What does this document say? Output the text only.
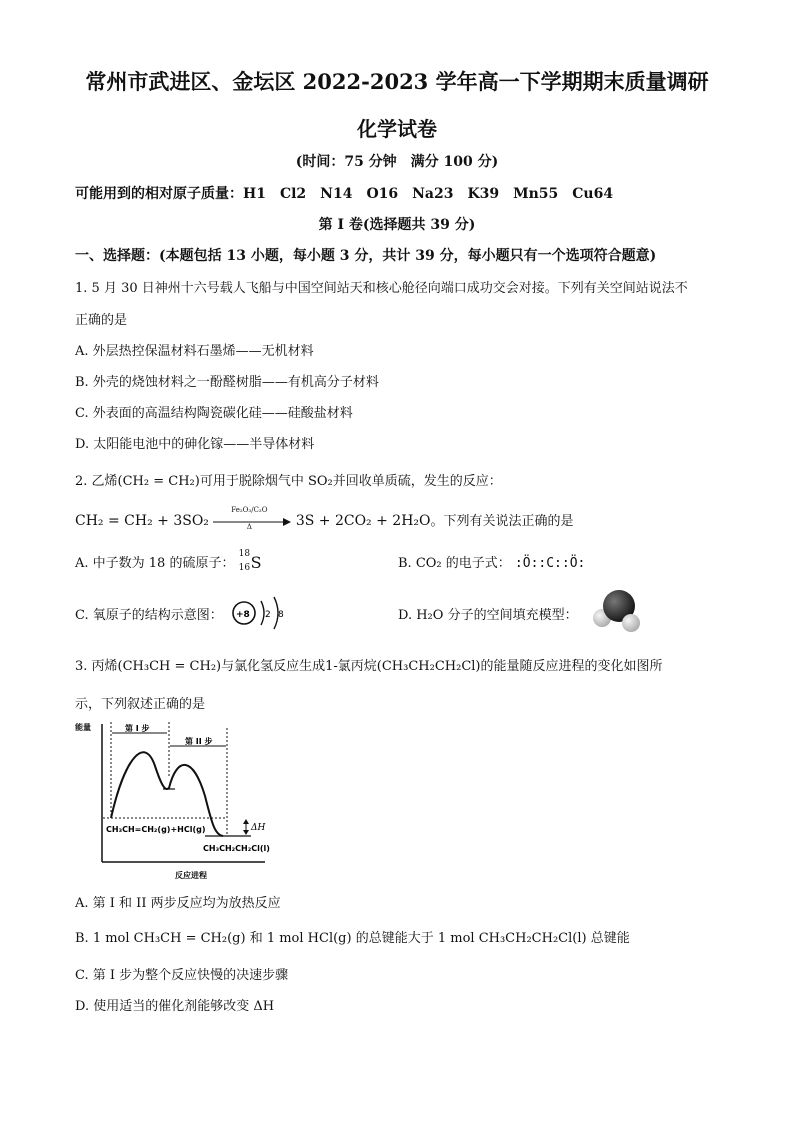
常州市武进区、金坛区 2022-2023 学年高一下学期期末质量调研
化学试卷
(时间：75 分钟　满分 100 分)
可能用到的相对原子质量：H1　Cl2　N14　O16　Na23　K39　Mn55　Cu64
第 I 卷(选择题共 39 分)
一、选择题：(本题包括 13 小题，每小题 3 分，共计 39 分，每小题只有一个选项符合题意)
1. 5 月 30 日神州十六号载人飞船与中国空间站天和核心舱径向端口成功交会对接。下列有关空间站说法不
正确的是
A. 外层热控保温材料石墨烯——无机材料
B. 外壳的烧蚀材料之一酚醛树脂——有机高分子材料
C. 外表面的高温结构陶瓷碳化硅——硅酸盐材料
D. 太阳能电池中的砷化镓——半导体材料
2. 乙烯(CH₂ = CH₂)可用于脱除烟气中 SO₂并回收单质硫，发生的反应：
CH₂ = CH₂ + 3SO₂
Fe₂O₃/C₂O
Δ	3S + 2CO₂ + 2H₂O。下列有关说法正确的是
A. 中子数为 18 的硫原子：
18
16 S	B. CO₂ 的电子式： :Ö::C::Ö:
C. 氧原子的结构示意图： +8 2 8	D. H₂O 分子的空间填充模型：
3. 丙烯(CH₃CH = CH₂)与氯化氢反应生成1-氯丙烷(CH₃CH₂CH₂Cl)的能量随反应进程的变化如图所
示，下列叙述正确的是
能量	第 I 步
第 II 步
ΔH
CH₃CH=CH₂(g)+HCl(g)
CH₃CH₂CH₂Cl(l)
反应进程
A. 第 I 和 II 两步反应均为放热反应
B. 1 mol CH₃CH = CH₂(g) 和 1 mol HCl(g) 的总键能大于 1 mol CH₃CH₂CH₂Cl(l) 总键能
C. 第 I 步为整个反应快慢的决速步骤
D. 使用适当的催化剂能够改变 ΔH
